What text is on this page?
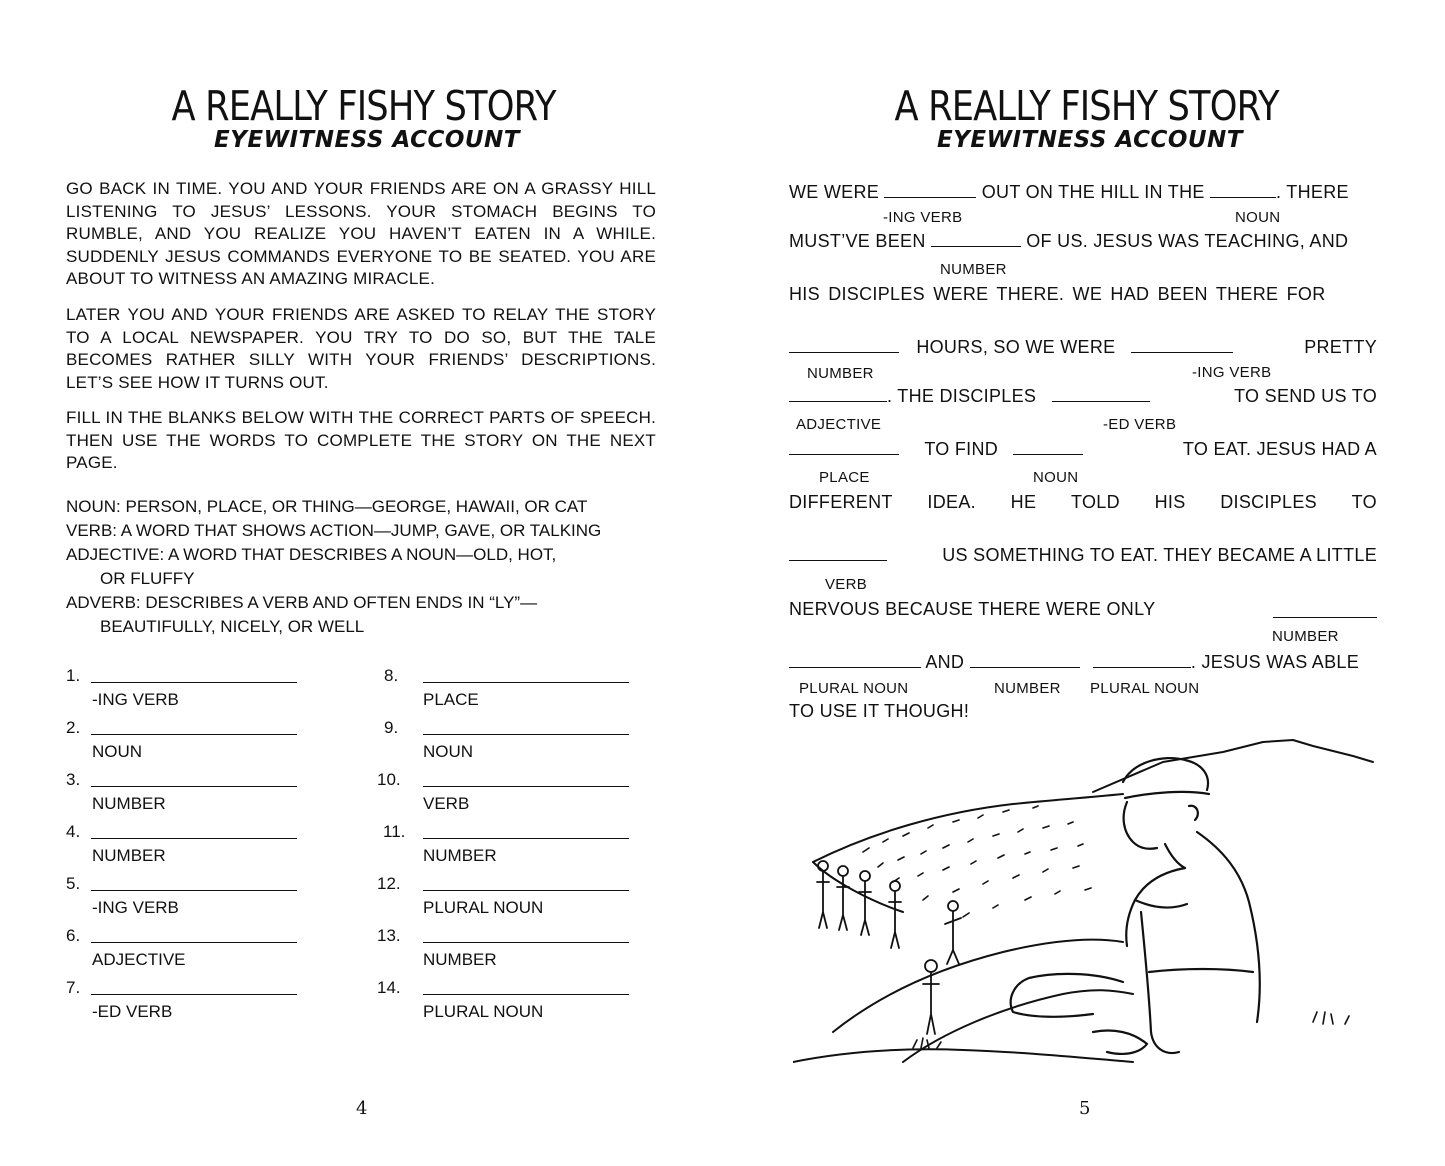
A REALLY FISHY STORY
EYEWITNESS ACCOUNT
GO BACK IN TIME. YOU AND YOUR FRIENDS ARE ON A GRASSY HILL LISTENING TO JESUS’ LESSONS. YOUR STOMACH BEGINS TO RUMBLE, AND YOU REALIZE YOU HAVEN’T EATEN IN A WHILE. SUDDENLY JESUS COMMANDS EVERYONE TO BE SEATED. YOU ARE ABOUT TO WITNESS AN AMAZING MIRACLE.
LATER YOU AND YOUR FRIENDS ARE ASKED TO RELAY THE STORY TO A LOCAL NEWSPAPER. YOU TRY TO DO SO, BUT THE TALE BECOMES RATHER SILLY WITH YOUR FRIENDS’ DESCRIPTIONS. LET’S SEE HOW IT TURNS OUT.
FILL IN THE BLANKS BELOW WITH THE CORRECT PARTS OF SPEECH. THEN USE THE WORDS TO COMPLETE THE STORY ON THE NEXT PAGE.
NOUN: PERSON, PLACE, OR THING—GEORGE, HAWAII, OR CAT
VERB: A WORD THAT SHOWS ACTION—JUMP, GAVE, OR TALKING
ADJECTIVE: A WORD THAT DESCRIBES A NOUN—OLD, HOT,
OR FLUFFY
ADVERB: DESCRIBES A VERB AND OFTEN ENDS IN “LY”—
BEAUTIFULLY, NICELY, OR WELL
1.
-ING VERB
2.
NOUN
3.
NUMBER
4.
NUMBER
5.
-ING VERB
6.
ADJECTIVE
7.
-ED VERB
8.
PLACE
9.
NOUN
10.
VERB
11.
NUMBER
12.
PLURAL NOUN
13.
NUMBER
14.
PLURAL NOUN
4
A REALLY FISHY STORY
EYEWITNESS ACCOUNT
WE WERE	OUT ON THE HILL IN THE	. THERE
-ING VERB	NOUN
MUST’VE BEEN	OF US. JESUS WAS TEACHING, AND
NUMBER
HIS DISCIPLES WERE THERE. WE HAD BEEN THERE FOR
HOURS, SO WE WERE	PRETTY
NUMBER	-ING VERB
. THE DISCIPLES	TO SEND US TO
ADJECTIVE	-ED VERB
TO FIND	TO EAT. JESUS HAD A
PLACE	NOUN
DIFFERENT IDEA. HE TOLD HIS DISCIPLES TO
US SOMETHING TO EAT. THEY BECAME A LITTLE
VERB
NERVOUS BECAUSE THERE WERE ONLY
NUMBER
AND	. JESUS WAS ABLE
PLURAL NOUN	NUMBER PLURAL NOUN
TO USE IT THOUGH!
5
